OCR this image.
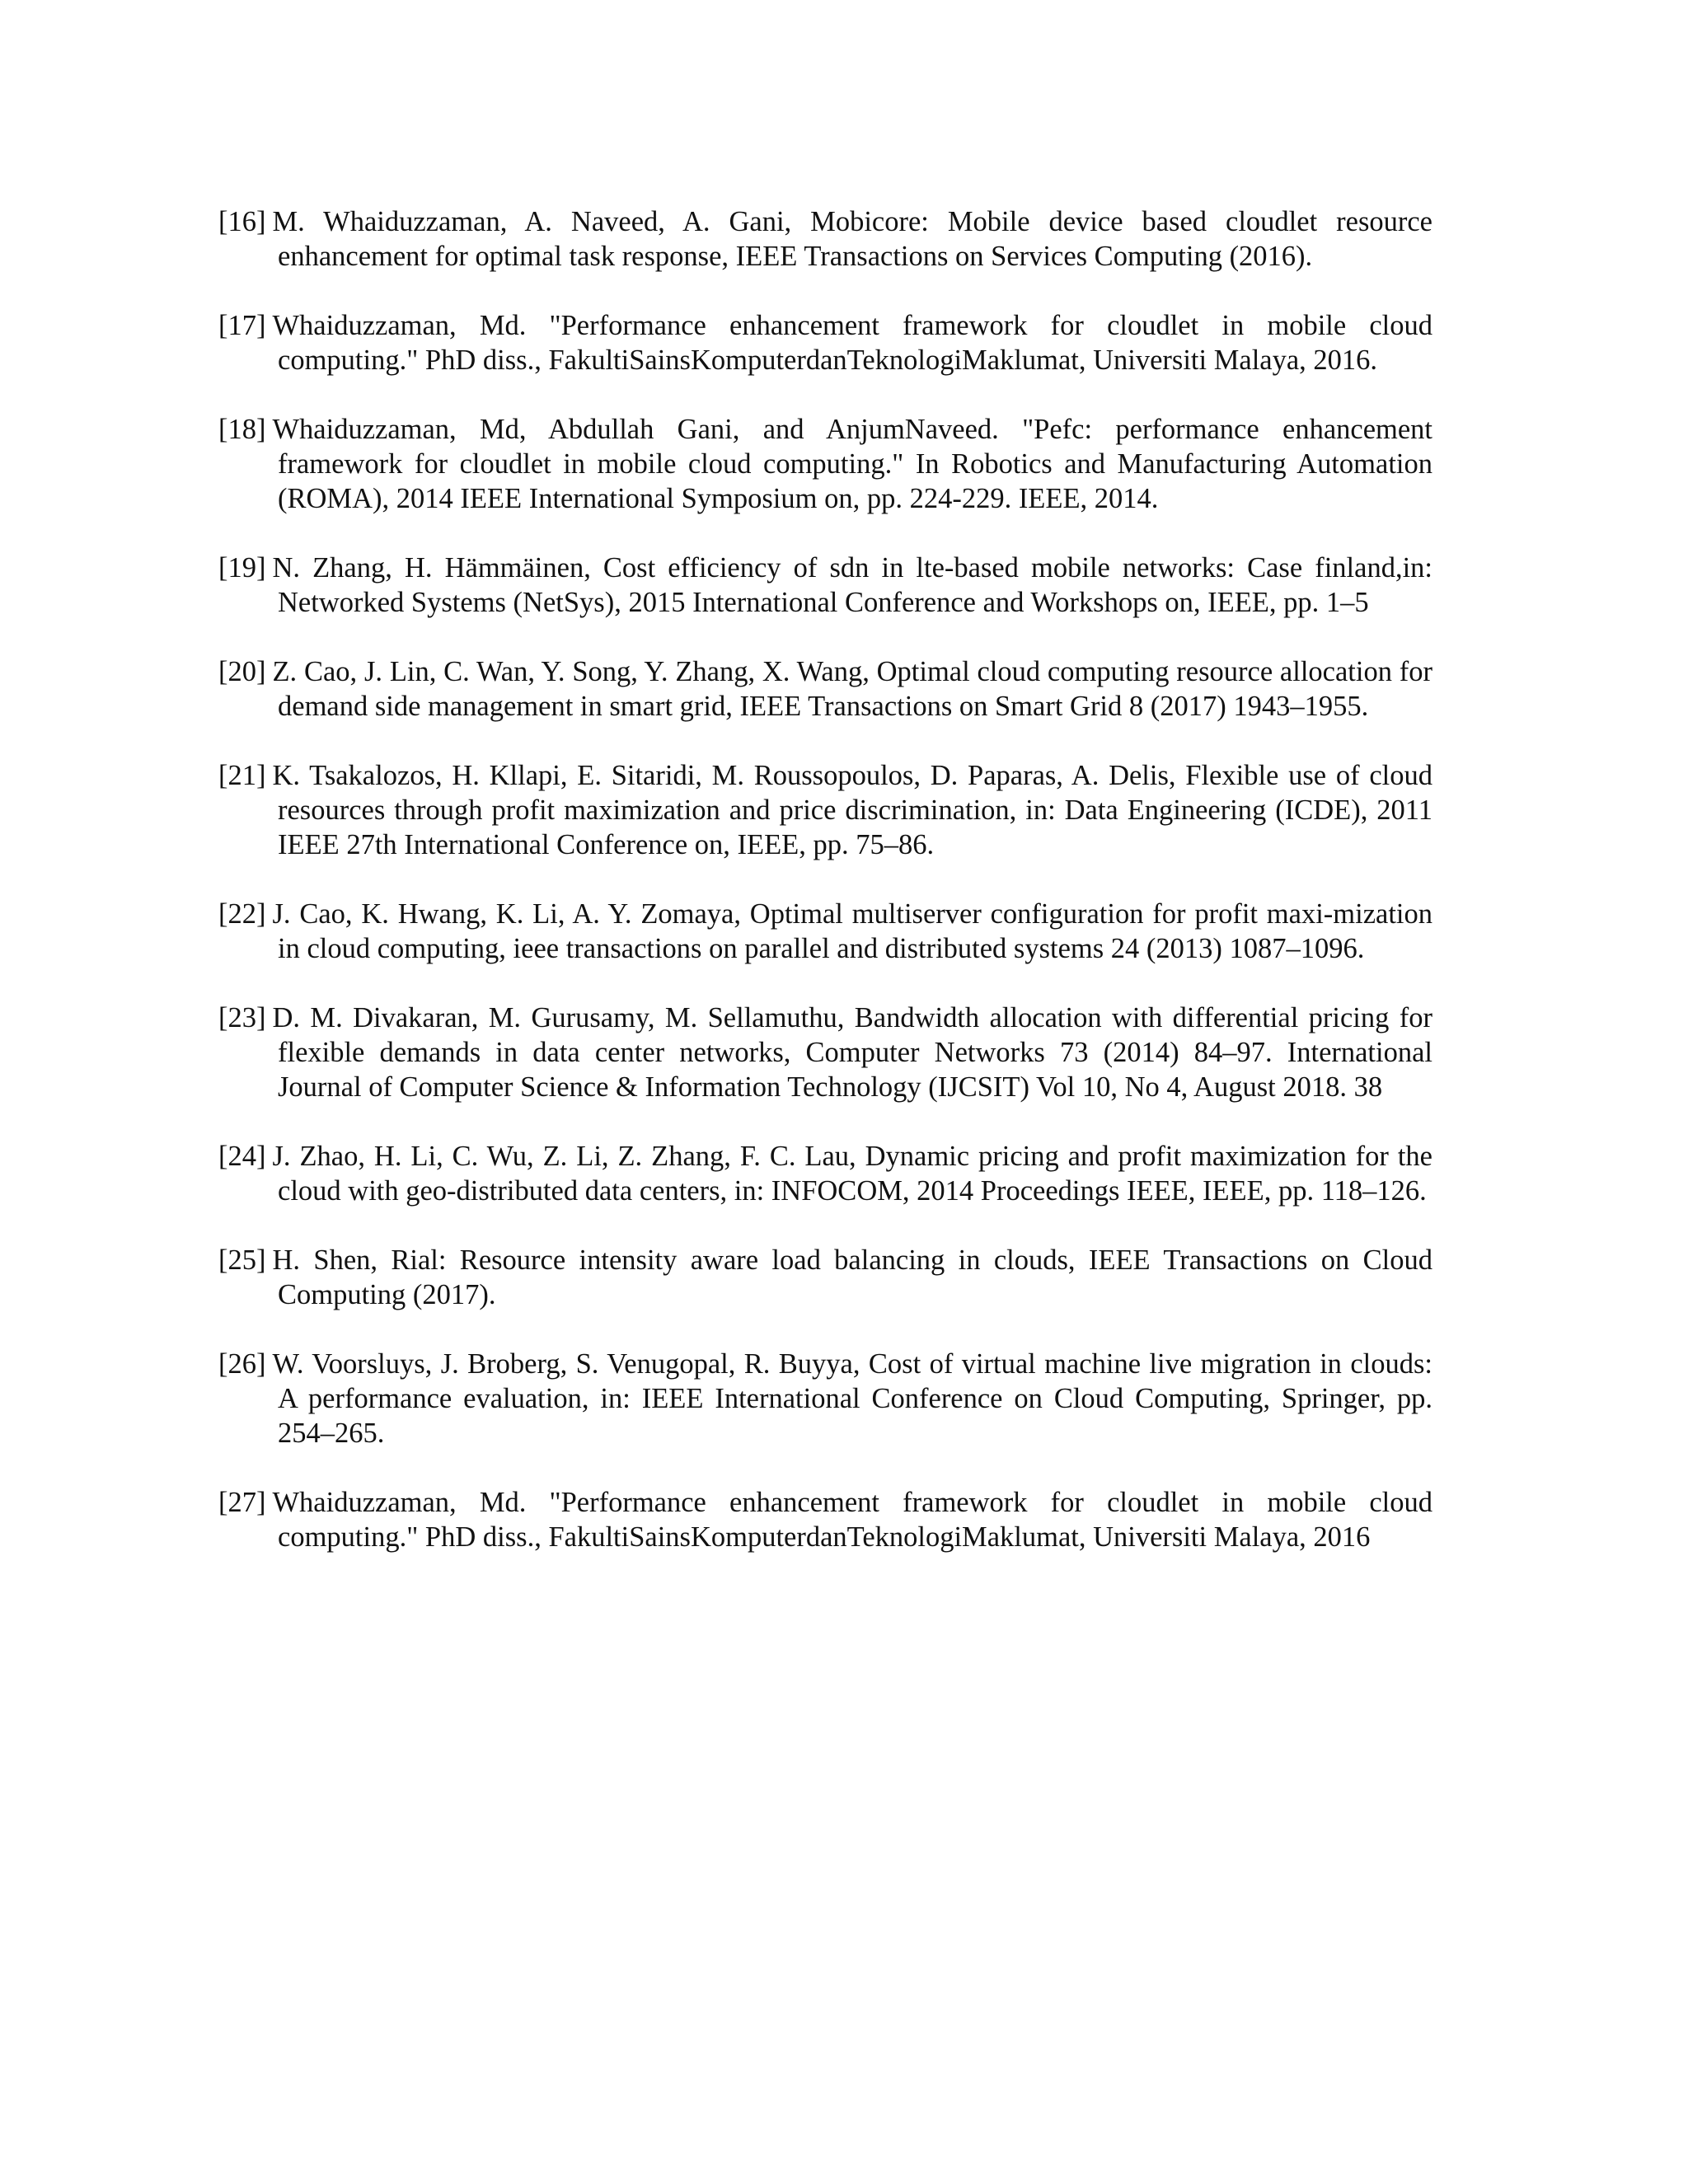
[16] M. Whaiduzzaman, A. Naveed, A. Gani, Mobicore: Mobile device based cloudlet resource enhancement for optimal task response, IEEE Transactions on Services Computing (2016).

[17] Whaiduzzaman, Md. "Performance enhancement framework for cloudlet in mobile cloud computing." PhD diss., FakultiSainsKomputerdanTeknologiMaklumat, Universiti Malaya, 2016.

[18] Whaiduzzaman, Md, Abdullah Gani, and AnjumNaveed. "Pefc: performance enhancement framework for cloudlet in mobile cloud computing." In Robotics and Manufacturing Automation (ROMA), 2014 IEEE International Symposium on, pp. 224-229. IEEE, 2014.

[19] N. Zhang, H. Hämmäinen, Cost efficiency of sdn in lte-based mobile networks: Case finland,in: Networked Systems (NetSys), 2015 International Conference and Workshops on, IEEE, pp. 1–5

[20] Z. Cao, J. Lin, C. Wan, Y. Song, Y. Zhang, X. Wang, Optimal cloud computing resource allocation for demand side management in smart grid, IEEE Transactions on Smart Grid 8 (2017) 1943–1955.

[21] K. Tsakalozos, H. Kllapi, E. Sitaridi, M. Roussopoulos, D. Paparas, A. Delis, Flexible use of cloud resources through profit maximization and price discrimination, in: Data Engineering (ICDE), 2011 IEEE 27th International Conference on, IEEE, pp. 75–86.

[22] J. Cao, K. Hwang, K. Li, A. Y. Zomaya, Optimal multiserver configuration for profit maxi-mization in cloud computing, ieee transactions on parallel and distributed systems 24 (2013) 1087–1096.

[23] D. M. Divakaran, M. Gurusamy, M. Sellamuthu, Bandwidth allocation with differential pricing for flexible demands in data center networks, Computer Networks 73 (2014) 84–97. International Journal of Computer Science & Information Technology (IJCSIT) Vol 10, No 4, August 2018. 38

[24] J. Zhao, H. Li, C. Wu, Z. Li, Z. Zhang, F. C. Lau, Dynamic pricing and profit maximization for the cloud with geo-distributed data centers, in: INFOCOM, 2014 Proceedings IEEE, IEEE, pp. 118–126.

[25] H. Shen, Rial: Resource intensity aware load balancing in clouds, IEEE Transactions on Cloud Computing (2017).

[26] W. Voorsluys, J. Broberg, S. Venugopal, R. Buyya, Cost of virtual machine live migration in clouds: A performance evaluation, in: IEEE International Conference on Cloud Computing, Springer, pp. 254–265.

[27] Whaiduzzaman, Md. "Performance enhancement framework for cloudlet in mobile cloud computing." PhD diss., FakultiSainsKomputerdanTeknologiMaklumat, Universiti Malaya, 2016
